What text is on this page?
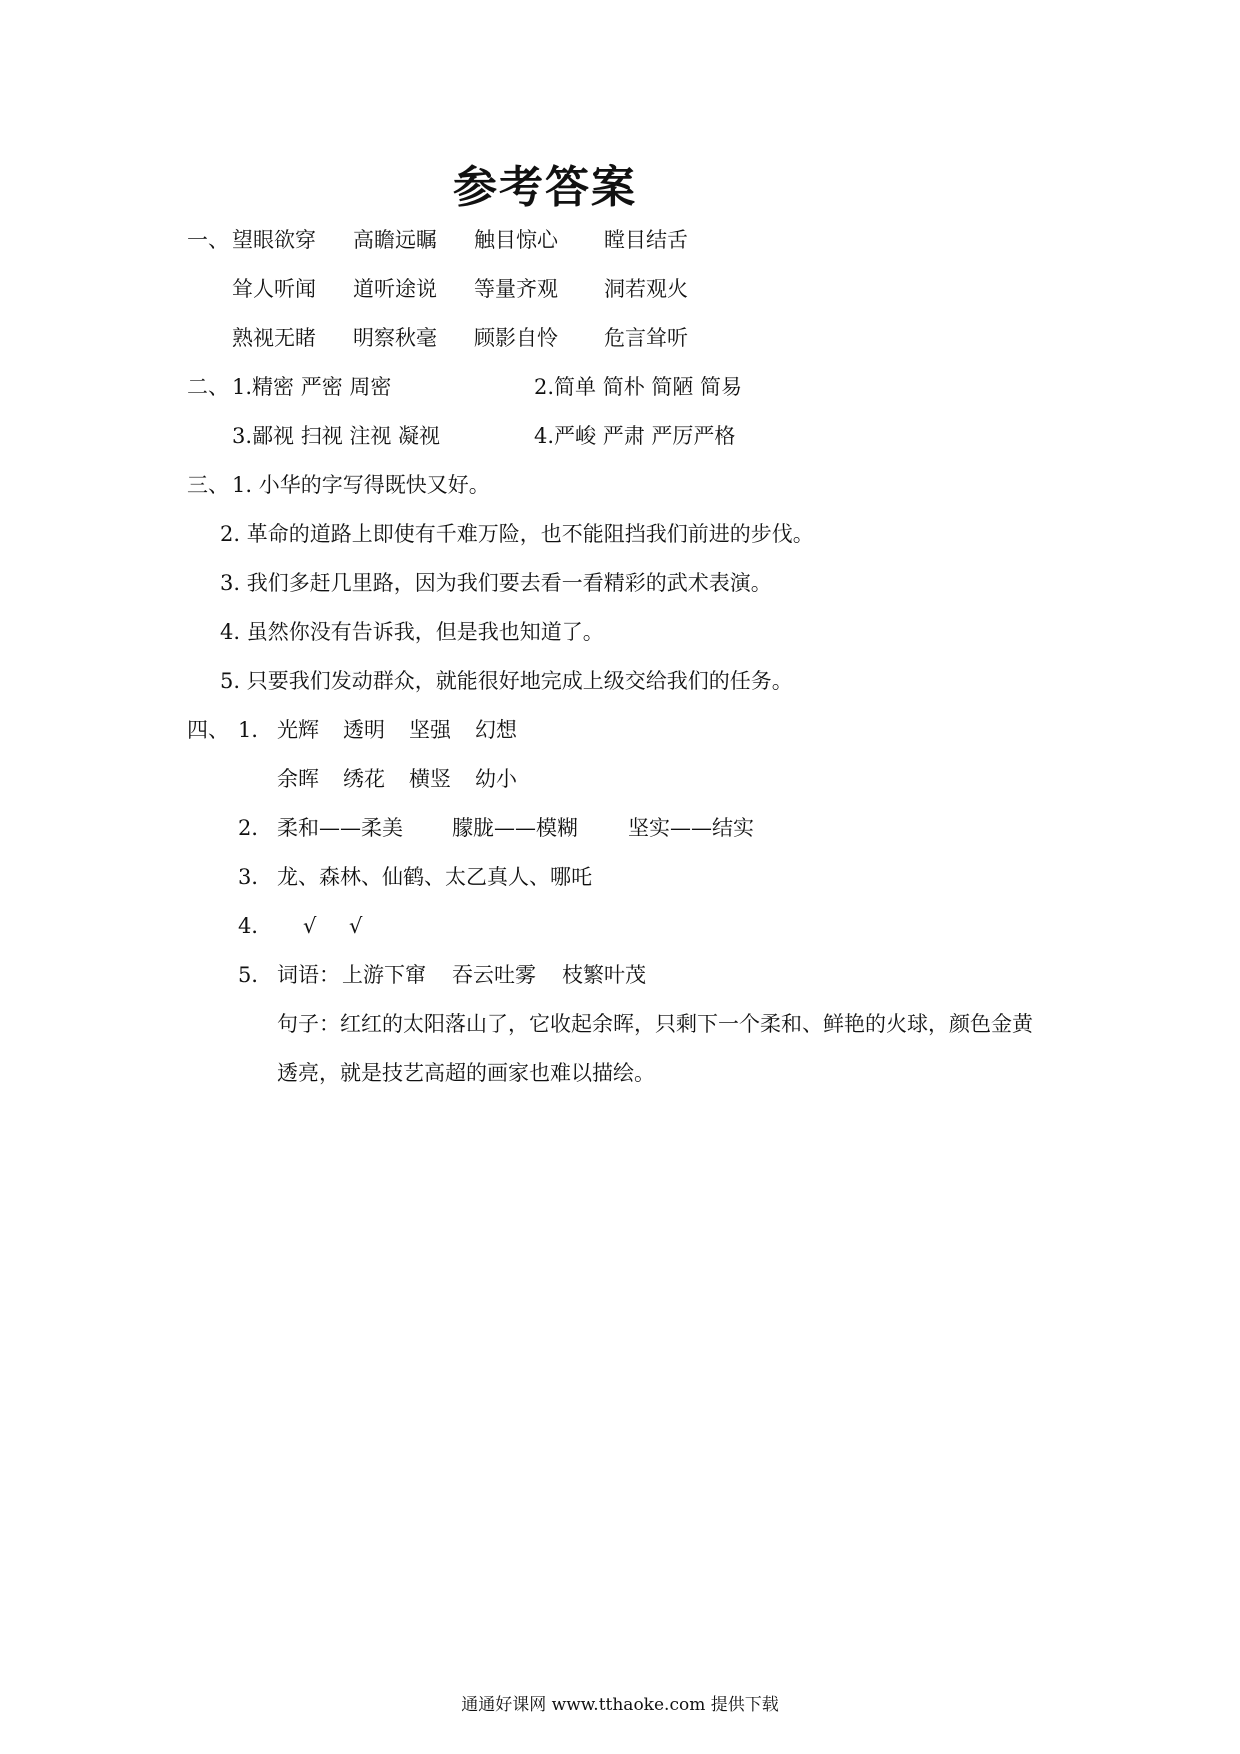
参考答案
一、 望眼欲穿 高瞻远瞩 触目惊心 瞠目结舌
耸人听闻 道听途说 等量齐观 洞若观火
熟视无睹 明察秋毫 顾影自怜 危言耸听
二、 1.精密 严密 周密	2.简单 简朴 简陋 简易
3.鄙视 扫视 注视 凝视	4.严峻 严肃 严厉严格
三、 1. 小华的字写得既快又好。
2. 革命的道路上即使有千难万险，也不能阻挡我们前进的步伐。
3. 我们多赶几里路，因为我们要去看一看精彩的武术表演。
4. 虽然你没有告诉我，但是我也知道了。
5. 只要我们发动群众，就能很好地完成上级交给我们的任务。
四、 1． 光辉 透明 坚强 幻想
余晖 绣花 横竖 幼小
2． 柔和——柔美 朦胧——模糊 坚实——结实
3． 龙、森林、仙鹤、太乙真人、哪吒
4． √ √
5． 词语： 上游下窜 吞云吐雾 枝繁叶茂
句子：红红的太阳落山了，它收起余晖，只剩下一个柔和、鲜艳的火球，颜色金黄
透亮，就是技艺高超的画家也难以描绘。
通通好课网 www.tthaoke.com 提供下载
